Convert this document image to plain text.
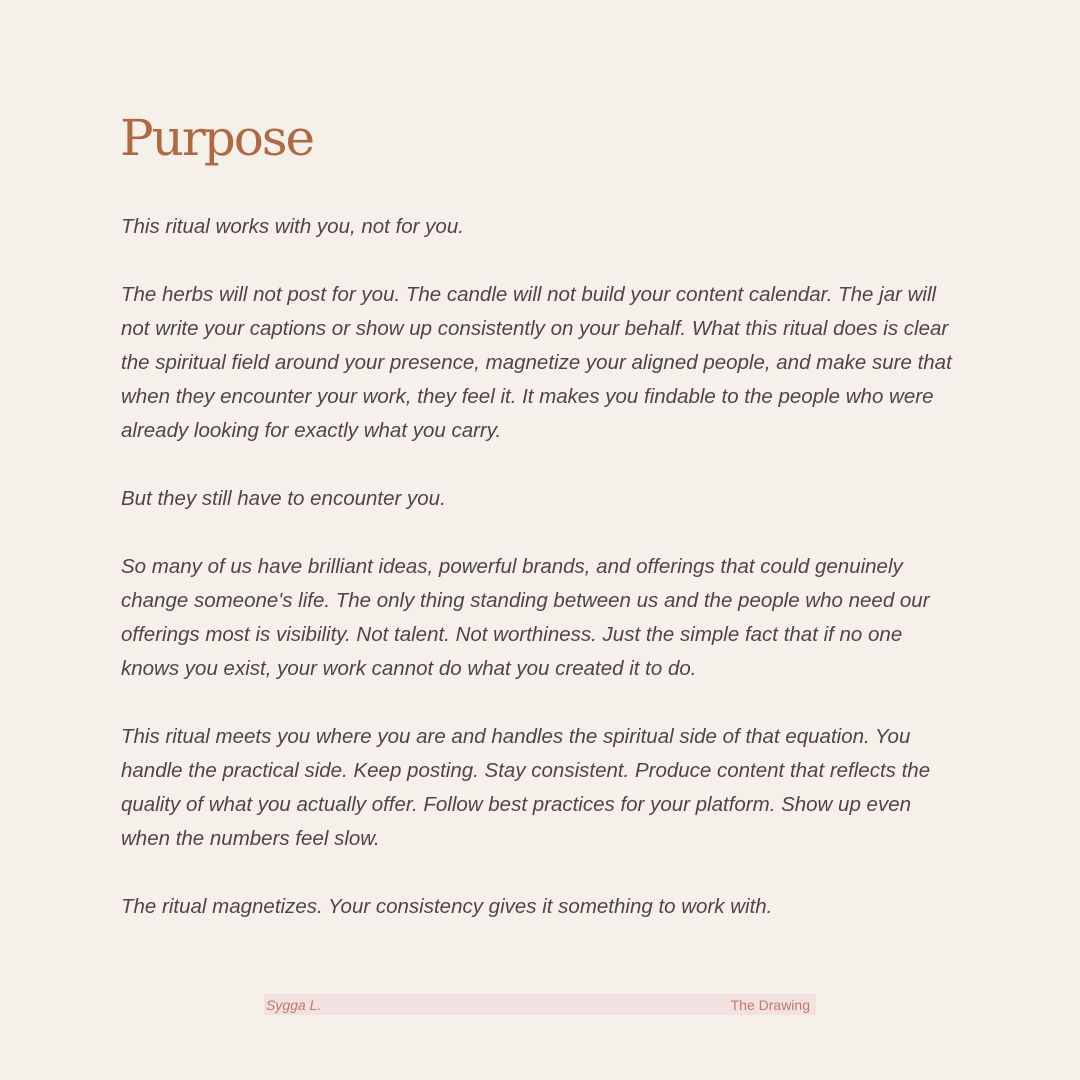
Purpose

This ritual works with you, not for you.

The herbs will not post for you. The candle will not build your content calendar. The jar will not write your captions or show up consistently on your behalf. What this ritual does is clear the spiritual field around your presence, magnetize your aligned people, and make sure that when they encounter your work, they feel it. It makes you findable to the people who were already looking for exactly what you carry.

But they still have to encounter you.

So many of us have brilliant ideas, powerful brands, and offerings that could genuinely change someone's life. The only thing standing between us and the people who need our offerings most is visibility. Not talent. Not worthiness. Just the simple fact that if no one knows you exist, your work cannot do what you created it to do.

This ritual meets you where you are and handles the spiritual side of that equation. You handle the practical side. Keep posting. Stay consistent. Produce content that reflects the quality of what you actually offer. Follow best practices for your platform. Show up even when the numbers feel slow.

The ritual magnetizes. Your consistency gives it something to work with.

Sygga L.	The Drawing
